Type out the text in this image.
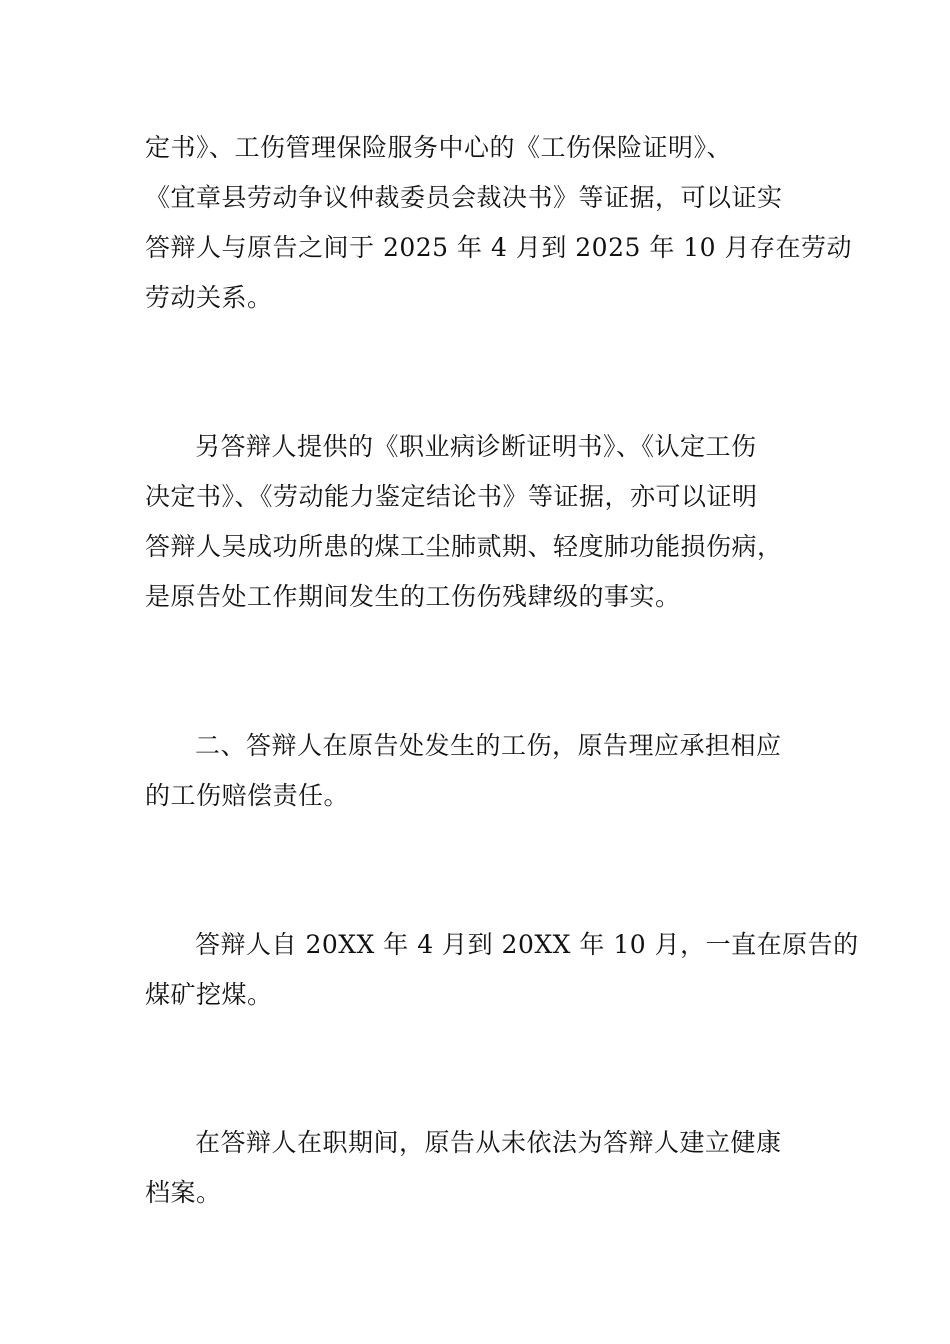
定书》、工伤管理保险服务中心的《工伤保险证明》、
《宜章县劳动争议仲裁委员会裁决书》等证据，可以证实
答辩人与原告之间于 2025 年 4 月到 2025 年 10 月存在劳动
劳动关系。
另答辩人提供的《职业病诊断证明书》、《认定工伤
决定书》、《劳动能力鉴定结论书》等证据，亦可以证明
答辩人吴成功所患的煤工尘肺贰期、轻度肺功能损伤病，
是原告处工作期间发生的工伤伤残肆级的事实。
二、答辩人在原告处发生的工伤，原告理应承担相应
的工伤赔偿责任。
答辩人自 20XX 年 4 月到 20XX 年 10 月，一直在原告的
煤矿挖煤。
在答辩人在职期间，原告从未依法为答辩人建立健康
档案。
